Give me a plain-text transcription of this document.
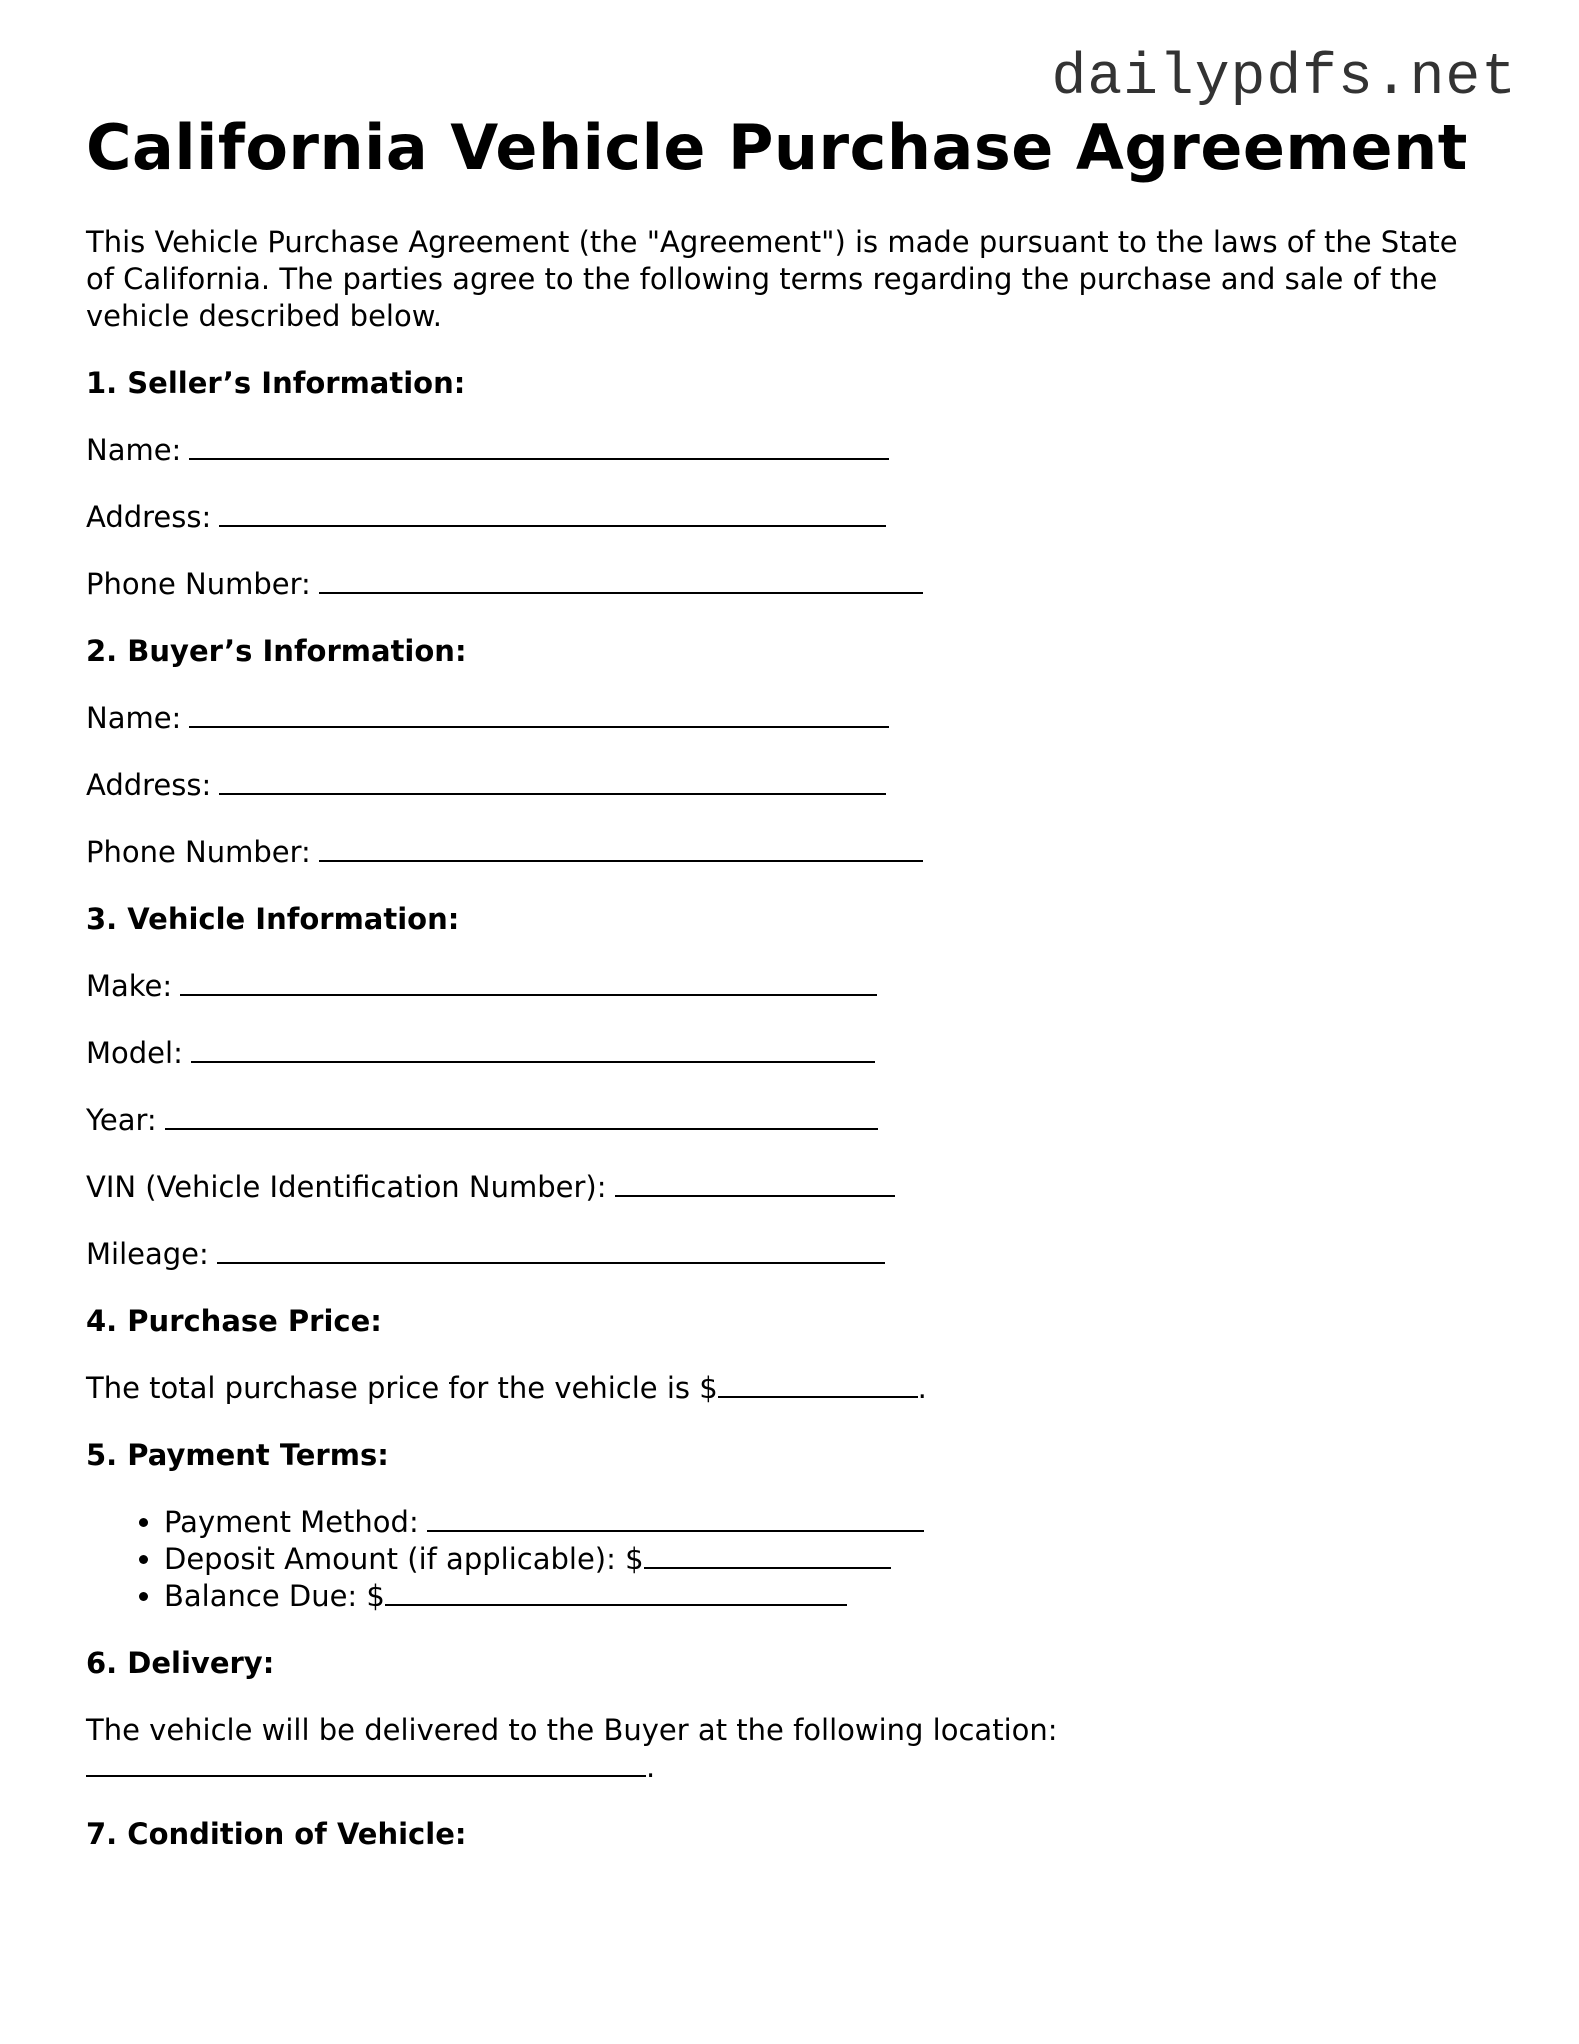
dailypdfs.net
California Vehicle Purchase Agreement

This Vehicle Purchase Agreement (the "Agreement") is made pursuant to the laws of the State of California. The parties agree to the following terms regarding the purchase and sale of the vehicle described below.

1. Seller’s Information:
Name:
Address:
Phone Number:
2. Buyer’s Information:
Name:
Address:
Phone Number:
3. Vehicle Information:
Make:
Model:
Year:
VIN (Vehicle Identification Number):
Mileage:
4. Purchase Price:
The total purchase price for the vehicle is $	.
5. Payment Terms:
• Payment Method:
• Deposit Amount (if applicable): $
• Balance Due: $
6. Delivery:
The vehicle will be delivered to the Buyer at the following location:
.
7. Condition of Vehicle:
